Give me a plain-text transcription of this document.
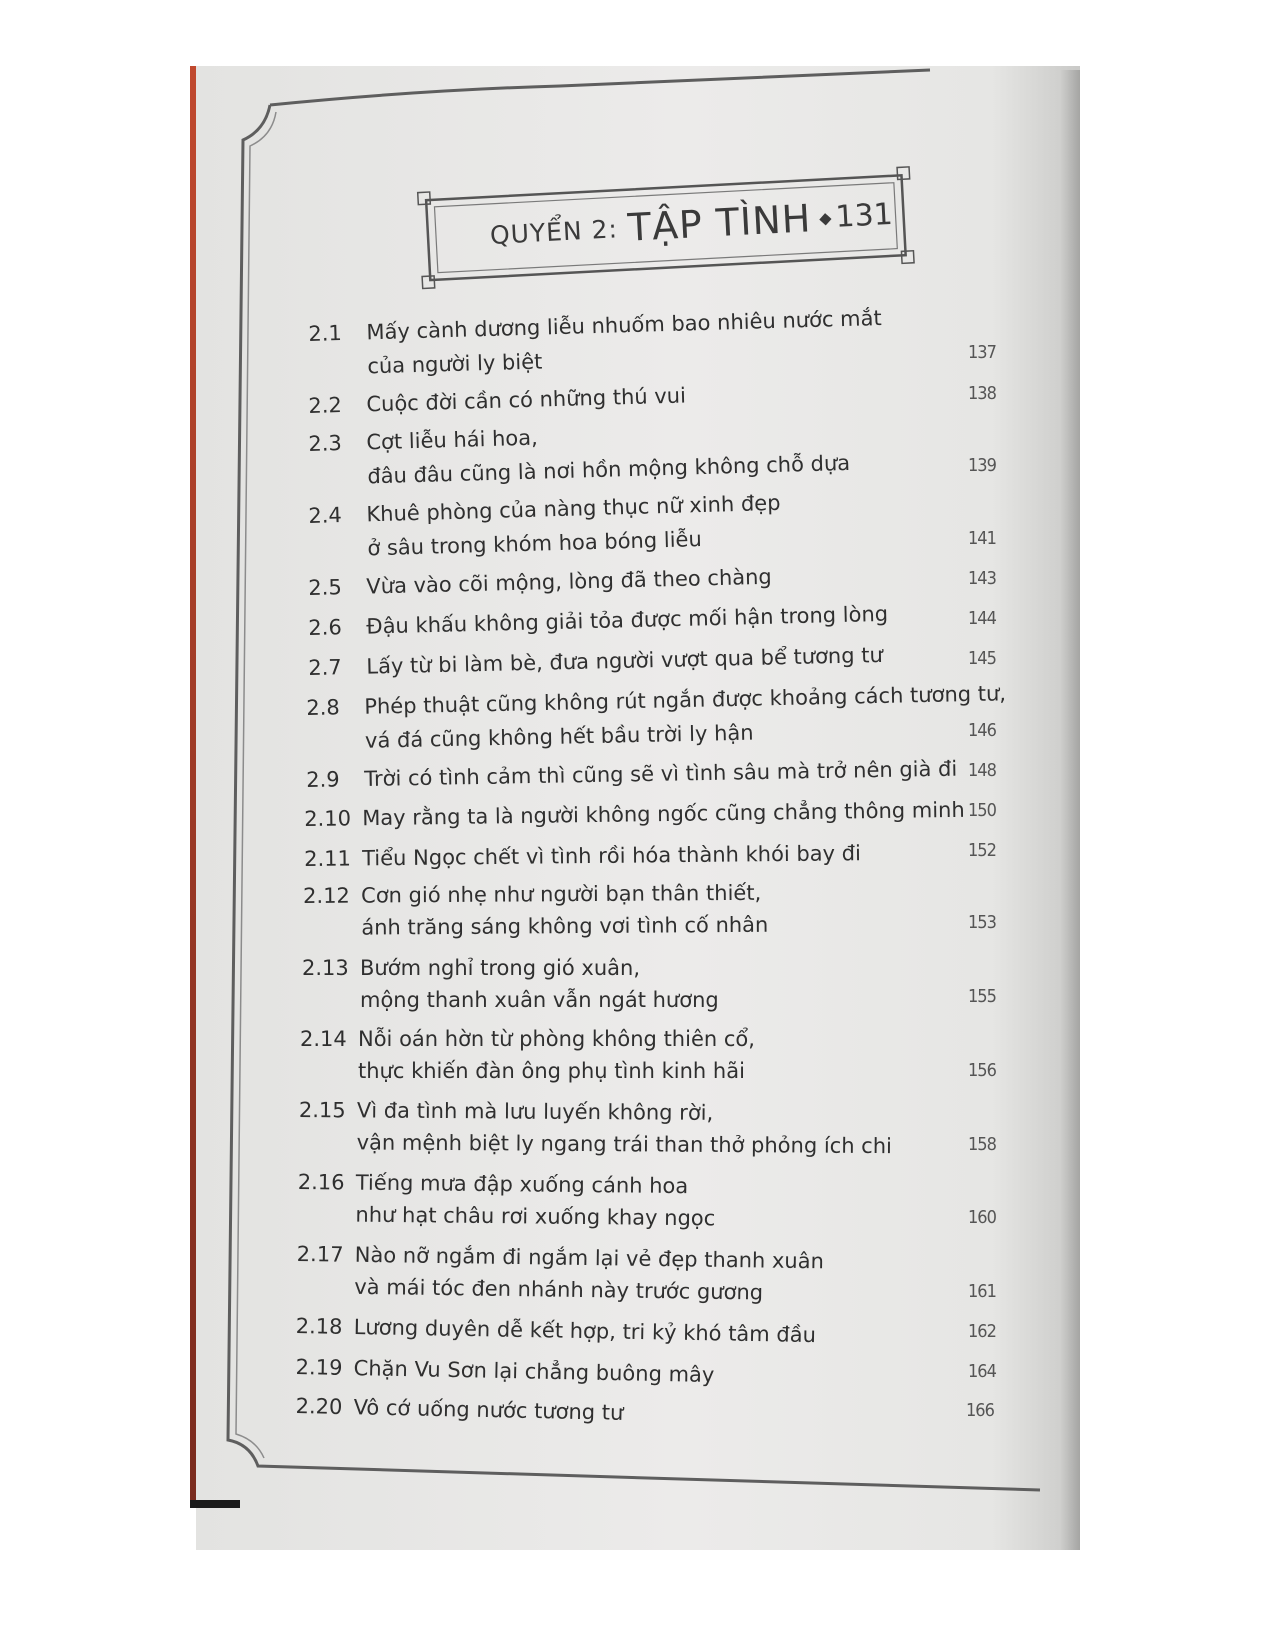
QUYỂN 2: TẬP TÌNH ◆ 131
2.1	Mấy cành dương liễu nhuốm bao nhiêu nước mắt
của người ly biệt	137
2.2	Cuộc đời cần có những thú vui	138
2.3	Cợt liễu hái hoa,
đâu đâu cũng là nơi hồn mộng không chỗ dựa	139
2.4	Khuê phòng của nàng thục nữ xinh đẹp
ở sâu trong khóm hoa bóng liễu	141
2.5	Vừa vào cõi mộng, lòng đã theo chàng	143
2.6	Đậu khấu không giải tỏa được mối hận trong lòng	144
2.7	Lấy từ bi làm bè, đưa người vượt qua bể tương tư	145
2.8	Phép thuật cũng không rút ngắn được khoảng cách tương tư,
vá đá cũng không hết bầu trời ly hận	146
2.9	Trời có tình cảm thì cũng sẽ vì tình sâu mà trở nên già đi 148
2.10 May rằng ta là người không ngốc cũng chẳng thông minh 150
2.11 Tiểu Ngọc chết vì tình rồi hóa thành khói bay đi	152
2.12 Cơn gió nhẹ như người bạn thân thiết,
ánh trăng sáng không vơi tình cố nhân	153
2.13 Bướm nghỉ trong gió xuân,
mộng thanh xuân vẫn ngát hương	155
2.14 Nỗi oán hờn từ phòng không thiên cổ,
thực khiến đàn ông phụ tình kinh hãi	156
2.15 Vì đa tình mà lưu luyến không rời,
vận mệnh biệt ly ngang trái than thở phỏng ích chi	158
2.16 Tiếng mưa đập xuống cánh hoa
như hạt châu rơi xuống khay ngọc	160
2.17 Nào nỡ ngắm đi ngắm lại vẻ đẹp thanh xuân
và mái tóc đen nhánh này trước gương	161
2.18 Lương duyên dễ kết hợp, tri kỷ khó tâm đầu	162
2.19 Chặn Vu Sơn lại chẳng buông mây	164
2.20 Vô cớ uống nước tương tư	166
